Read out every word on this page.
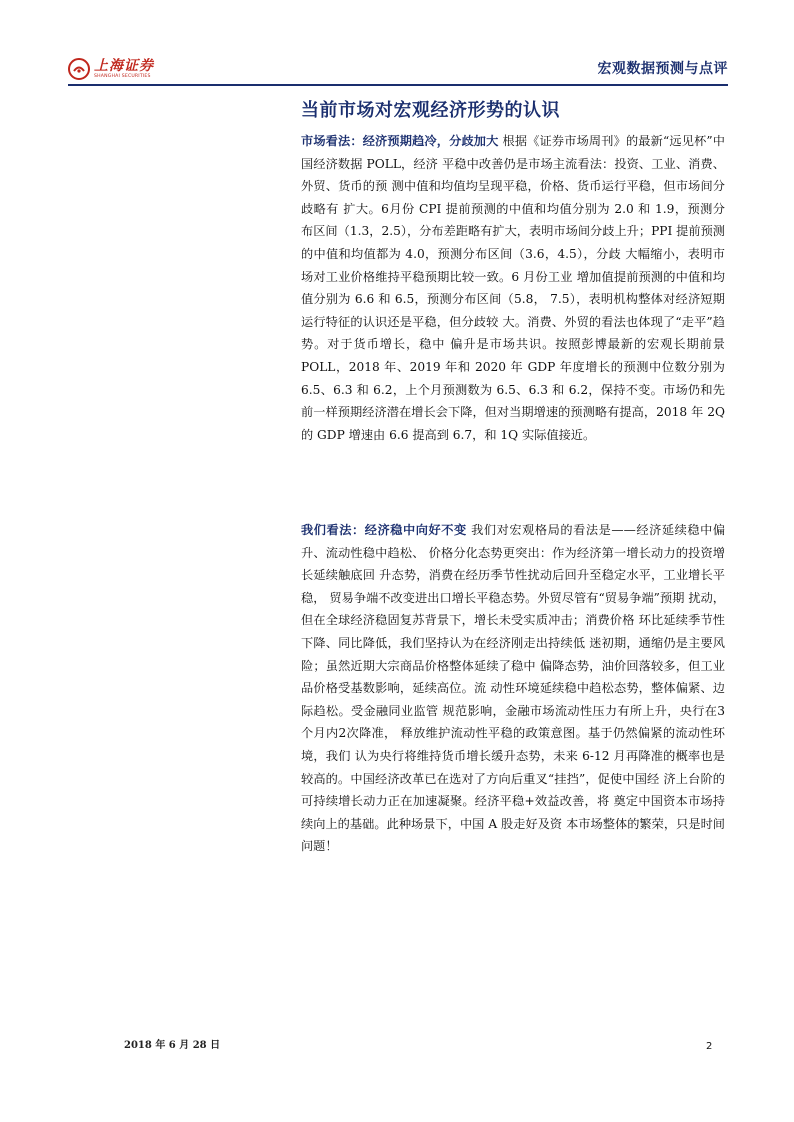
上海证券
SHANGHAI SECURITIES	宏观数据预测与点评
当前市场对宏观经济形势的认识

市场看法：经济预期趋冷，分歧加大 根据《证券市场周刊》的最新“远见杯”中国经济数据 POLL，经济 平稳中改善仍是市场主流看法：投资、工业、消费、外贸、货币的预 测中值和均值均呈现平稳，价格、货币运行平稳，但市场间分歧略有 扩大。6月份 CPI 提前预测的中值和均值分别为 2.0 和 1.9，预测分 布区间（1.3，2.5），分布差距略有扩大，表明市场间分歧上升；PPI 提前预测的中值和均值都为 4.0，预测分布区间（3.6，4.5），分歧 大幅缩小，表明市场对工业价格维持平稳预期比较一致。6 月份工业 增加值提前预测的中值和均值分别为 6.6 和 6.5，预测分布区间（5.8， 7.5），表明机构整体对经济短期运行特征的认识还是平稳，但分歧较 大。消费、外贸的看法也体现了“走平”趋势。对于货币增长，稳中 偏升是市场共识。按照彭博最新的宏观长期前景 POLL，2018 年、2019 年和 2020 年 GDP 年度增长的预测中位数分别为 6.5、6.3 和 6.2，上个月预测数为 6.5、6.3 和 6.2，保持不变。市场仍和先前一样预期经济潜在增长会下降，但对当期增速的预测略有提高，2018 年 2Q 的 GDP 增速由 6.6 提高到 6.7，和 1Q 实际值接近。

我们看法：经济稳中向好不变 我们对宏观格局的看法是——经济延续稳中偏升、流动性稳中趋松、 价格分化态势更突出：作为经济第一增长动力的投资增长延续触底回 升态势，消费在经历季节性扰动后回升至稳定水平，工业增长平稳， 贸易争端不改变进出口增长平稳态势。外贸尽管有“贸易争端”预期 扰动，但在全球经济稳固复苏背景下，增长未受实质冲击；消费价格 环比延续季节性下降、同比降低，我们坚持认为在经济刚走出持续低 迷初期，通缩仍是主要风险；虽然近期大宗商品价格整体延续了稳中 偏降态势，油价回落较多，但工业品价格受基数影响，延续高位。流 动性环境延续稳中趋松态势，整体偏紧、边际趋松。受金融同业监管 规范影响，金融市场流动性压力有所上升，央行在3个月内2次降准， 释放维护流动性平稳的政策意图。基于仍然偏紧的流动性环境，我们 认为央行将维持货币增长缓升态势，未来 6-12 月再降准的概率也是 较高的。中国经济改革已在选对了方向后重叉“挂挡”，促使中国经 济上台阶的可持续增长动力正在加速凝聚。经济平稳+效益改善，将 奠定中国资本市场持续向上的基础。此种场景下，中国 A 股走好及资 本市场整体的繁荣，只是时间问题！

2018 年 6 月 28 日	2
